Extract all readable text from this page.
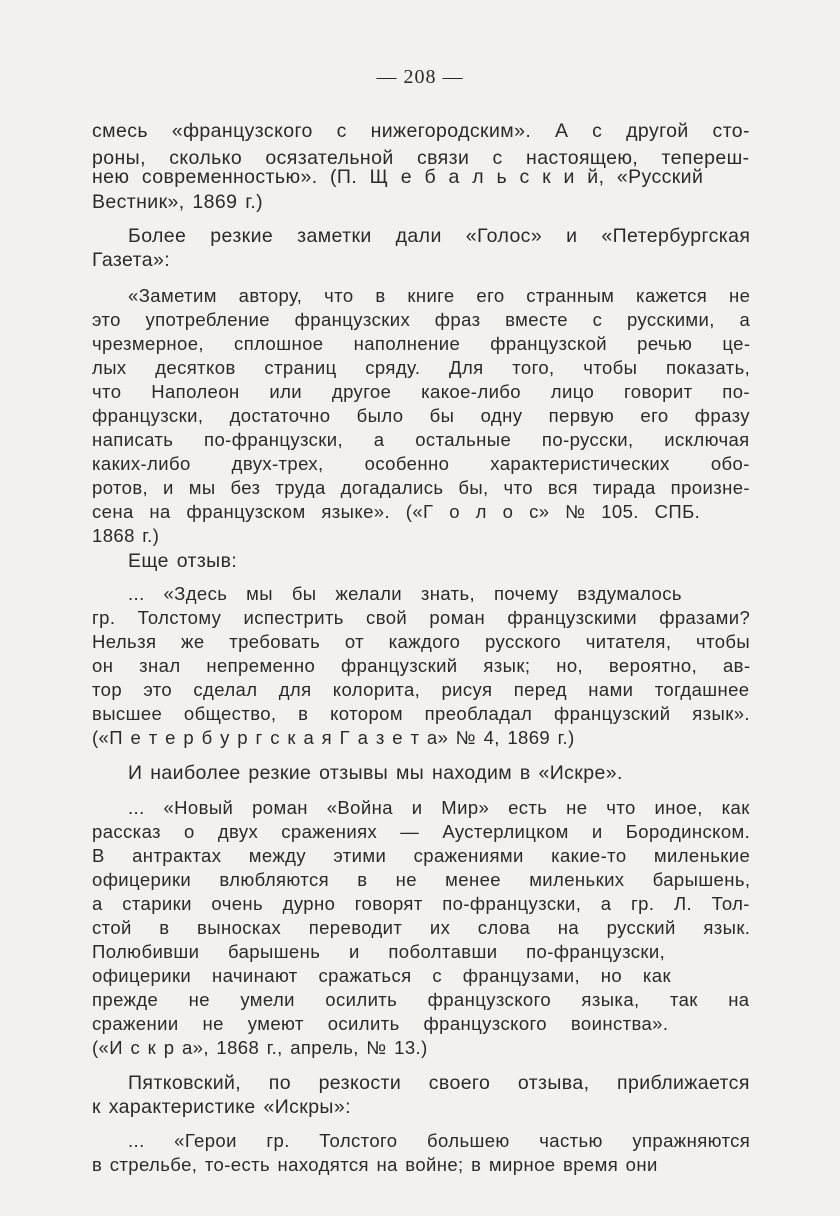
— 208 —
смесь «французского с нижегородским». А с другой сто-
роны, сколько осязательной связи с настоящею, тепереш-
нею современностью». (П. Щ е б а л ь с к и й, «Русский
Вестник», 1869 г.)
Более резкие заметки дали «Голос» и «Петербургская
Газета»:
«Заметим автору, что в книге его странным кажется не
это употребление французских фраз вместе с русскими, а
чрезмерное, сплошное наполнение французской речью це-
лых десятков страниц сряду. Для того, чтобы показать,
что Наполеон или другое какое-либо лицо говорит по-
французски, достаточно было бы одну первую его фразу
написать по-французски, а остальные по-русски, исключая
каких-либо двух-трех, особенно характеристических обо-
ротов, и мы без труда догадались бы, что вся тирада произне-
сена на французском языке». («Г о л о с» № 105. СПБ.
1868 г.)
Еще отзыв:
... «Здесь мы бы желали знать, почему вздумалось
гр. Толстому испестрить свой роман французскими фразами?
Нельзя же требовать от каждого русского читателя, чтобы
он знал непременно французский язык; но, вероятно, ав-
тор это сделал для колорита, рисуя перед нами тогдашнее
высшее общество, в котором преобладал французский язык».
(«П е т е р б у р г с к а я Г а з е т а» № 4, 1869 г.)
И наиболее резкие отзывы мы находим в «Искре».
... «Новый роман «Война и Мир» есть не что иное, как
рассказ о двух сражениях — Аустерлицком и Бородинском.
В антрактах между этими сражениями какие-то миленькие
офицерики влюбляются в не менее миленьких барышень,
а старики очень дурно говорят по-французски, а гр. Л. Тол-
стой в выносках переводит их слова на русский язык.
Полюбивши барышень и поболтавши по-французски,
офицерики начинают сражаться с французами, но как
прежде не умели осилить французского языка, так на
сражении не умеют осилить французского воинства».
(«И с к р а», 1868 г., апрель, № 13.)
Пятковский, по резкости своего отзыва, приближается
к характеристике «Искры»:
... «Герои гр. Толстого большею частью упражняются
в стрельбе, то-есть находятся на войне; в мирное время они
